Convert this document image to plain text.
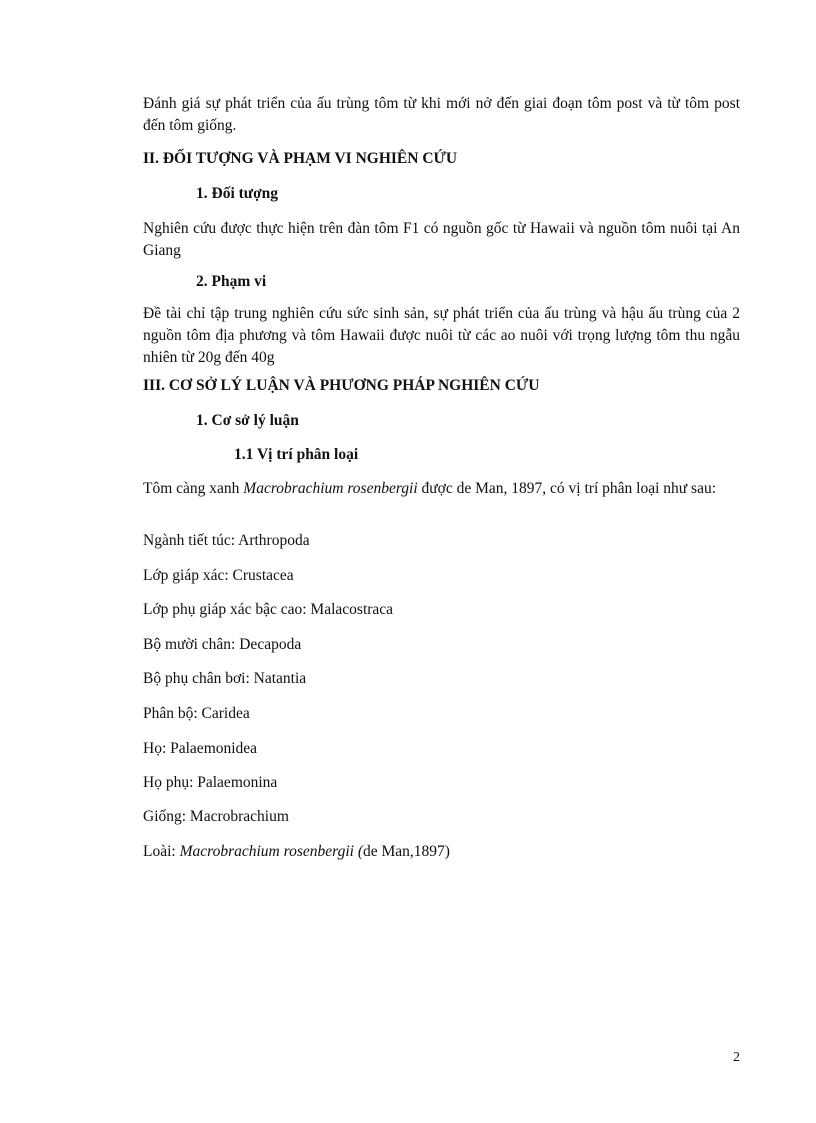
Đánh giá sự phát triển của ấu trùng tôm từ khi mới nở đến giai đoạn tôm post và từ tôm post đến tôm giống.

II. ĐỐI TƯỢNG VÀ PHẠM VI NGHIÊN CỨU

1. Đối tượng

Nghiên cứu được thực hiện trên đàn tôm F1 có nguồn gốc từ Hawaii và nguồn tôm nuôi tại An Giang

2. Phạm vi

Đề tài chỉ tập trung nghiên cứu sức sinh sản, sự phát triển của ấu trùng và hậu ấu trùng của 2 nguồn tôm địa phương và tôm Hawaii được nuôi từ các ao nuôi với trọng lượng tôm thu ngẫu nhiên từ 20g đến 40g

III. CƠ SỞ LÝ LUẬN VÀ PHƯƠNG PHÁP NGHIÊN CỨU

1. Cơ sở lý luận

1.1 Vị trí phân loại

Tôm càng xanh Macrobrachium rosenbergii được de Man, 1897, có vị trí phân loại như sau:

Ngành tiết túc: Arthropoda

Lớp giáp xác: Crustacea

Lớp phụ giáp xác bậc cao: Malacostraca

Bộ mười chân: Decapoda

Bộ phụ chân bơi: Natantia

Phân bộ: Caridea

Họ: Palaemonidea

Họ phụ: Palaemonina

Giống: Macrobrachium

Loài: Macrobrachium rosenbergii (de Man,1897)

2
